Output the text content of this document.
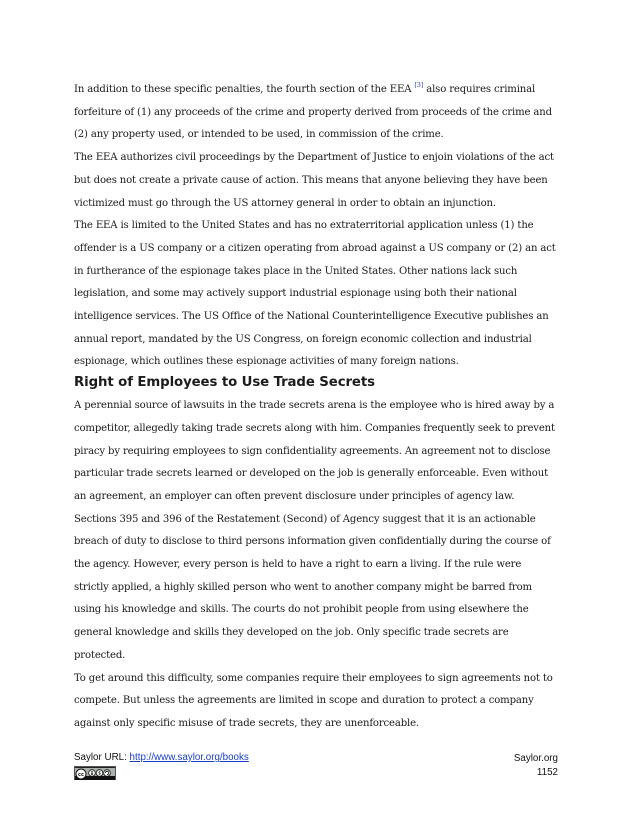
In addition to these specific penalties, the fourth section of the EEA [3] also requires criminal forfeiture of (1) any proceeds of the crime and property derived from proceeds of the crime and (2) any property used, or intended to be used, in commission of the crime.

The EEA authorizes civil proceedings by the Department of Justice to enjoin violations of the act but does not create a private cause of action. This means that anyone believing they have been victimized must go through the US attorney general in order to obtain an injunction.

The EEA is limited to the United States and has no extraterritorial application unless (1) the offender is a US company or a citizen operating from abroad against a US company or (2) an act in furtherance of the espionage takes place in the United States. Other nations lack such legislation, and some may actively support industrial espionage using both their national intelligence services. The US Office of the National Counterintelligence Executive publishes an annual report, mandated by the US Congress, on foreign economic collection and industrial espionage, which outlines these espionage activities of many foreign nations.

Right of Employees to Use Trade Secrets

A perennial source of lawsuits in the trade secrets arena is the employee who is hired away by a competitor, allegedly taking trade secrets along with him. Companies frequently seek to prevent piracy by requiring employees to sign confidentiality agreements. An agreement not to disclose particular trade secrets learned or developed on the job is generally enforceable. Even without an agreement, an employer can often prevent disclosure under principles of agency law. Sections 395 and 396 of the Restatement (Second) of Agency suggest that it is an actionable breach of duty to disclose to third persons information given confidentially during the course of the agency. However, every person is held to have a right to earn a living. If the rule were strictly applied, a highly skilled person who went to another company might be barred from using his knowledge and skills. The courts do not prohibit people from using elsewhere the general knowledge and skills they developed on the job. Only specific trade secrets are protected.

To get around this difficulty, some companies require their employees to sign agreements not to compete. But unless the agreements are limited in scope and duration to protect a company against only specific misuse of trade secrets, they are unenforceable.

Saylor URL: http://www.saylor.org/books
cc	$
Saylor.org
1152
